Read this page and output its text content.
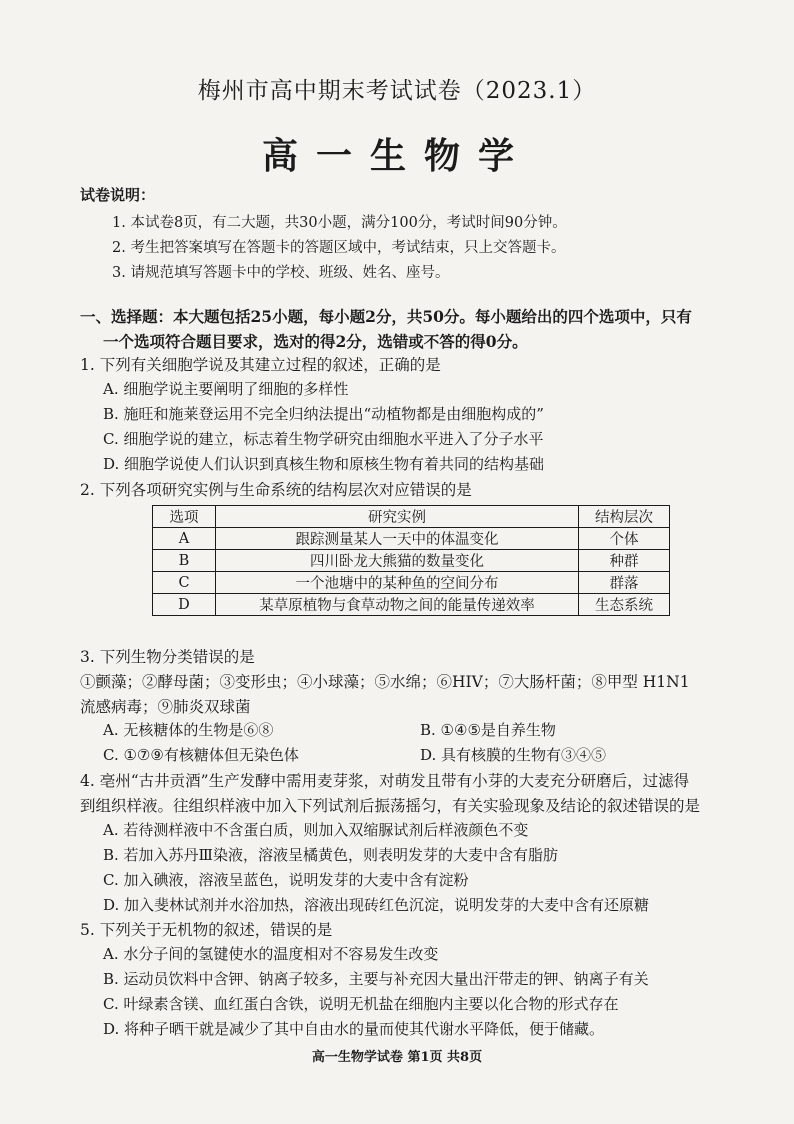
梅州市高中期末考试试卷（2023.1）
高一生物学
试卷说明：
1. 本试卷8页，有二大题，共30小题，满分100分，考试时间90分钟。
2. 考生把答案填写在答题卡的答题区域中，考试结束，只上交答题卡。
3. 请规范填写答题卡中的学校、班级、姓名、座号。
一、选择题：本大题包括25小题，每小题2分，共50分。每小题给出的四个选项中，只有
一个选项符合题目要求，选对的得2分，选错或不答的得0分。
1. 下列有关细胞学说及其建立过程的叙述，正确的是
A. 细胞学说主要阐明了细胞的多样性
B. 施旺和施莱登运用不完全归纳法提出“动植物都是由细胞构成的”
C. 细胞学说的建立，标志着生物学研究由细胞水平进入了分子水平
D. 细胞学说使人们认识到真核生物和原核生物有着共同的结构基础
2. 下列各项研究实例与生命系统的结构层次对应错误的是
选项	研究实例	结构层次
A	跟踪测量某人一天中的体温变化	个体
B	四川卧龙大熊猫的数量变化	种群
C	一个池塘中的某种鱼的空间分布	群落
D	某草原植物与食草动物之间的能量传递效率	生态系统
3. 下列生物分类错误的是
①颤藻；②酵母菌；③变形虫；④小球藻；⑤水绵；⑥HIV；⑦大肠杆菌；⑧甲型 H1N1
流感病毒；⑨肺炎双球菌
A. 无核糖体的生物是⑥⑧	B. ①④⑤是自养生物
C. ①⑦⑨有核糖体但无染色体	D. 具有核膜的生物有③④⑤
4. 亳州“古井贡酒”生产发酵中需用麦芽浆，对萌发且带有小芽的大麦充分研磨后，过滤得
到组织样液。往组织样液中加入下列试剂后振荡摇匀，有关实验现象及结论的叙述错误的是
A. 若待测样液中不含蛋白质，则加入双缩脲试剂后样液颜色不变
B. 若加入苏丹Ⅲ染液，溶液呈橘黄色，则表明发芽的大麦中含有脂肪
C. 加入碘液，溶液呈蓝色，说明发芽的大麦中含有淀粉
D. 加入斐林试剂并水浴加热，溶液出现砖红色沉淀，说明发芽的大麦中含有还原糖
5. 下列关于无机物的叙述，错误的是
A. 水分子间的氢键使水的温度相对不容易发生改变
B. 运动员饮料中含钾、钠离子较多，主要与补充因大量出汗带走的钾、钠离子有关
C. 叶绿素含镁、血红蛋白含铁，说明无机盐在细胞内主要以化合物的形式存在
D. 将种子晒干就是减少了其中自由水的量而使其代谢水平降低，便于储藏。
高一生物学试卷 第1页 共8页
